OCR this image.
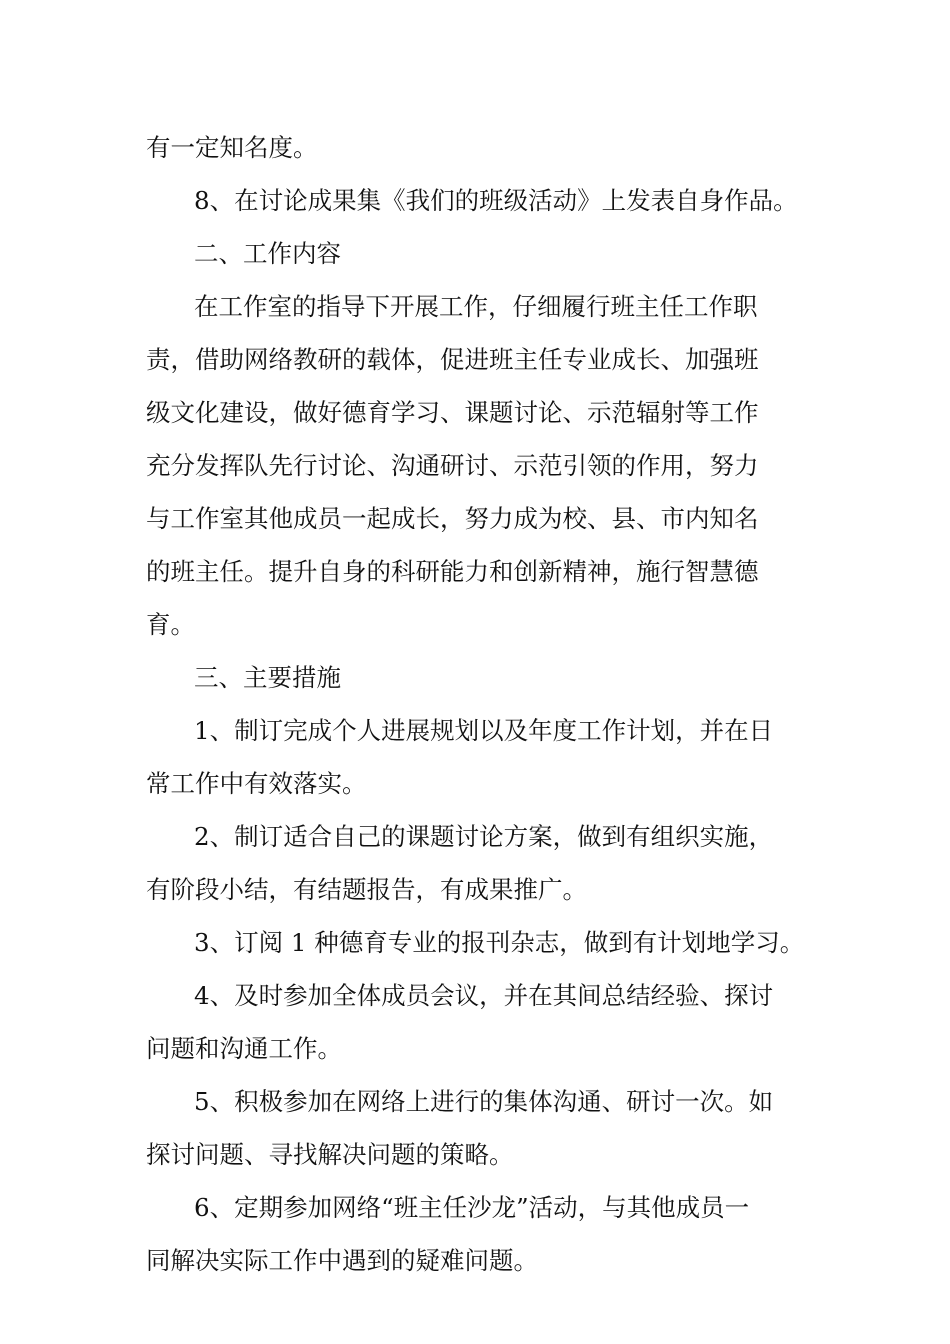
有一定知名度。
8、在讨论成果集《我们的班级活动》上发表自身作品。
二、工作内容
在工作室的指导下开展工作，仔细履行班主任工作职
责，借助网络教研的载体，促进班主任专业成长、加强班
级文化建设，做好德育学习、课题讨论、示范辐射等工作
充分发挥队先行讨论、沟通研讨、示范引领的作用，努力
与工作室其他成员一起成长，努力成为校、县、市内知名
的班主任。提升自身的科研能力和创新精神，施行智慧德
育。
三、主要措施
1、制订完成个人进展规划以及年度工作计划，并在日
常工作中有效落实。
2、制订适合自己的课题讨论方案，做到有组织实施，
有阶段小结，有结题报告，有成果推广。
3、订阅 1 种德育专业的报刊杂志，做到有计划地学习。
4、及时参加全体成员会议，并在其间总结经验、探讨
问题和沟通工作。
5、积极参加在网络上进行的集体沟通、研讨一次。如
探讨问题、寻找解决问题的策略。
6、定期参加网络“班主任沙龙”活动，与其他成员一
同解决实际工作中遇到的疑难问题。
